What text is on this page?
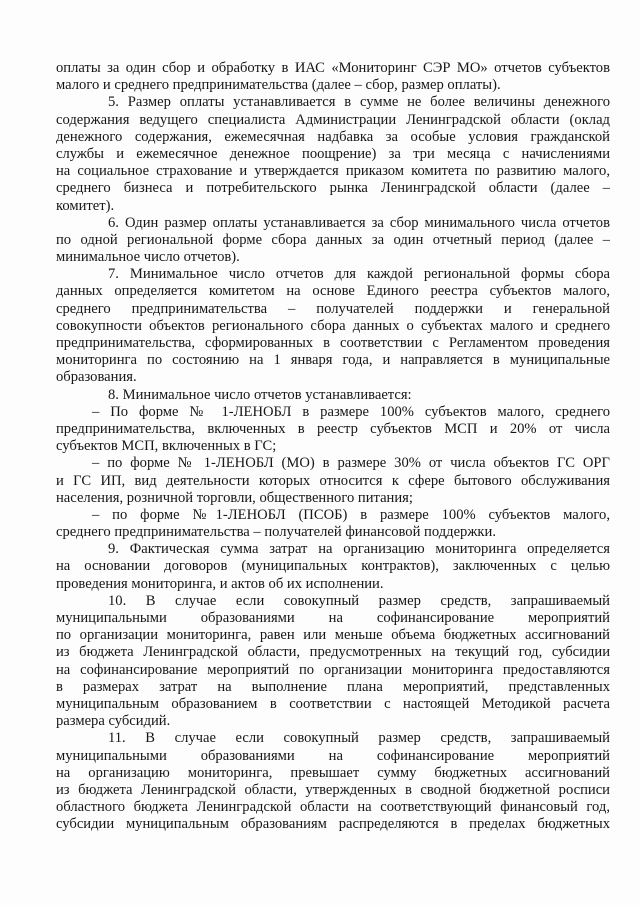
оплаты за один сбор и обработку в ИАС «Мониторинг СЭР МО» отчетов субъектов
малого и среднего предпринимательства (далее – сбор, размер оплаты).
5. Размер оплаты устанавливается в сумме не более величины денежного
содержания ведущего специалиста Администрации Ленинградской области (оклад
денежного содержания, ежемесячная надбавка за особые условия гражданской
службы и ежемесячное денежное поощрение) за три месяца с начислениями
на социальное страхование и утверждается приказом комитета по развитию малого,
среднего бизнеса и потребительского рынка Ленинградской области (далее –
комитет).
6. Один размер оплаты устанавливается за сбор минимального числа отчетов
по одной региональной форме сбора данных за один отчетный период (далее –
минимальное число отчетов).
7. Минимальное число отчетов для каждой региональной формы сбора
данных определяется комитетом на основе Единого реестра субъектов малого,
среднего предпринимательства – получателей поддержки и генеральной
совокупности объектов регионального сбора данных о субъектах малого и среднего
предпринимательства, сформированных в соответствии с Регламентом проведения
мониторинга по состоянию на 1 января года, и направляется в муниципальные
образования.
8. Минимальное число отчетов устанавливается:
– По форме № 1-ЛЕНОБЛ в размере 100% субъектов малого, среднего
предпринимательства, включенных в реестр субъектов МСП и 20% от числа
субъектов МСП, включенных в ГС;
– по форме № 1-ЛЕНОБЛ (МО) в размере 30% от числа объектов ГС ОРГ
и ГС ИП, вид деятельности которых относится к сфере бытового обслуживания
населения, розничной торговли, общественного питания;
– по форме №1-ЛЕНОБЛ (ПСОБ) в размере 100% субъектов малого,
среднего предпринимательства – получателей финансовой поддержки.
9. Фактическая сумма затрат на организацию мониторинга определяется
на основании договоров (муниципальных контрактов), заключенных с целью
проведения мониторинга, и актов об их исполнении.
10. В случае если совокупный размер средств, запрашиваемый
муниципальными образованиями на софинансирование мероприятий
по организации мониторинга, равен или меньше объема бюджетных ассигнований
из бюджета Ленинградской области, предусмотренных на текущий год, субсидии
на софинансирование мероприятий по организации мониторинга предоставляются
в размерах затрат на выполнение плана мероприятий, представленных
муниципальным образованием в соответствии с настоящей Методикой расчета
размера субсидий.
11. В случае если совокупный размер средств, запрашиваемый
муниципальными образованиями на софинансирование мероприятий
на организацию мониторинга, превышает сумму бюджетных ассигнований
из бюджета Ленинградской области, утвержденных в сводной бюджетной росписи
областного бюджета Ленинградской области на соответствующий финансовый год,
субсидии муниципальным образованиям распределяются в пределах бюджетных
